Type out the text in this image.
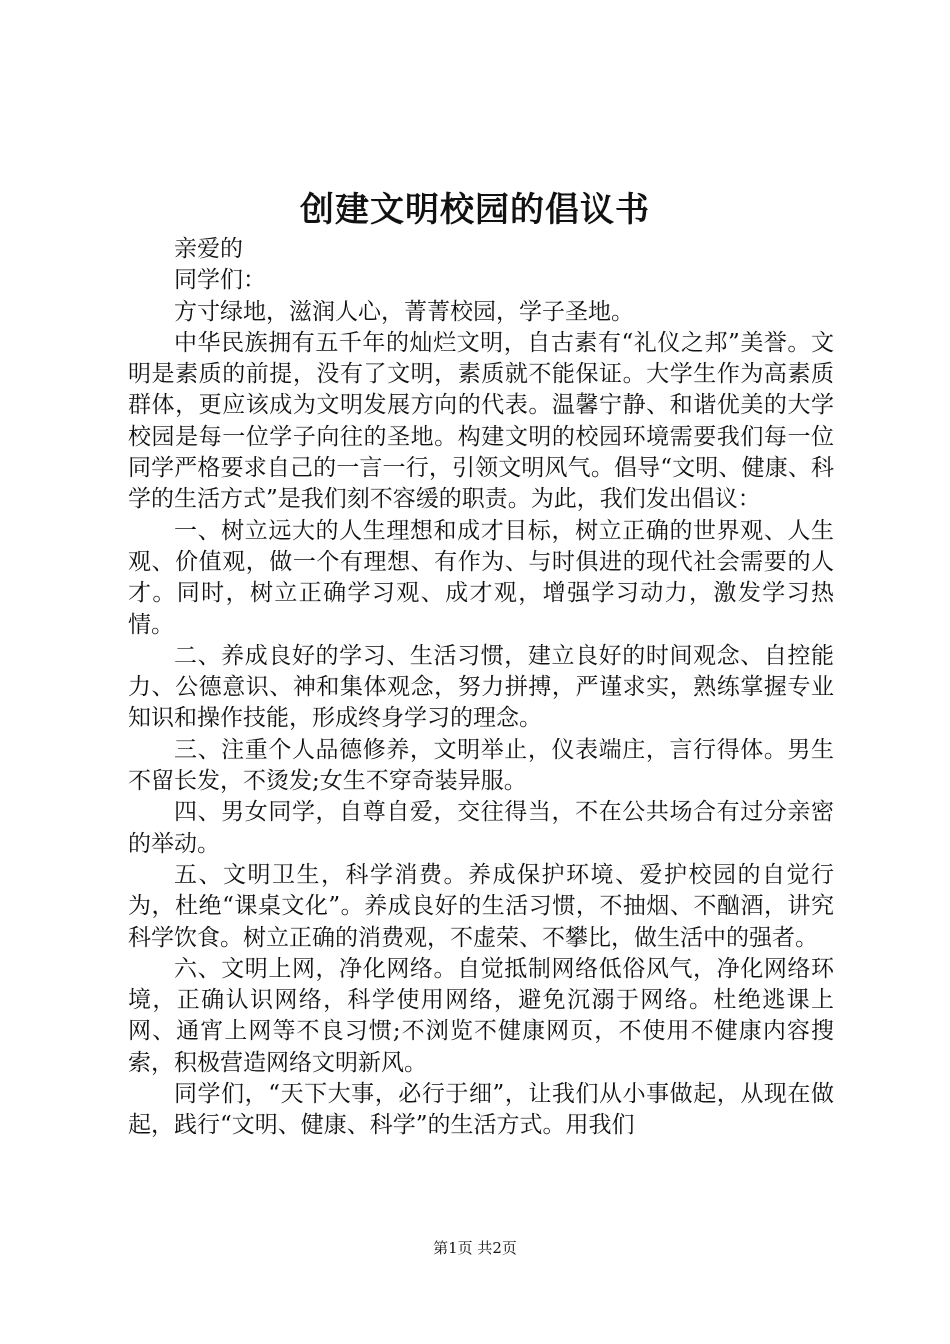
创建文明校园的倡议书

亲爱的

同学们：

方寸绿地，滋润人心，菁菁校园，学子圣地。

中华民族拥有五千年的灿烂文明，自古素有“礼仪之邦”美誉。文明是素质的前提，没有了文明，素质就不能保证。大学生作为高素质群体，更应该成为文明发展方向的代表。温馨宁静、和谐优美的大学校园是每一位学子向往的圣地。构建文明的校园环境需要我们每一位同学严格要求自己的一言一行，引领文明风气。倡导“文明、健康、科学的生活方式”是我们刻不容缓的职责。为此，我们发出倡议：

一、树立远大的人生理想和成才目标，树立正确的世界观、人生观、价值观，做一个有理想、有作为、与时俱进的现代社会需要的人才。同时，树立正确学习观、成才观，增强学习动力，激发学习热情。

二、养成良好的学习、生活习惯，建立良好的时间观念、自控能力、公德意识、神和集体观念，努力拼搏，严谨求实，熟练掌握专业知识和操作技能，形成终身学习的理念。

三、注重个人品德修养，文明举止，仪表端庄，言行得体。男生不留长发，不烫发;女生不穿奇装异服。

四、男女同学，自尊自爱，交往得当，不在公共场合有过分亲密的举动。

五、文明卫生，科学消费。养成保护环境、爱护校园的自觉行为，杜绝“课桌文化”。养成良好的生活习惯，不抽烟、不酗酒，讲究科学饮食。树立正确的消费观，不虚荣、不攀比，做生活中的强者。

六、文明上网，净化网络。自觉抵制网络低俗风气，净化网络环境，正确认识网络，科学使用网络，避免沉溺于网络。杜绝逃课上网、通宵上网等不良习惯;不浏览不健康网页，不使用不健康内容搜索，积极营造网络文明新风。

同学们，“天下大事，必行于细”，让我们从小事做起，从现在做起，践行“文明、健康、科学”的生活方式。用我们

第1页 共2页
